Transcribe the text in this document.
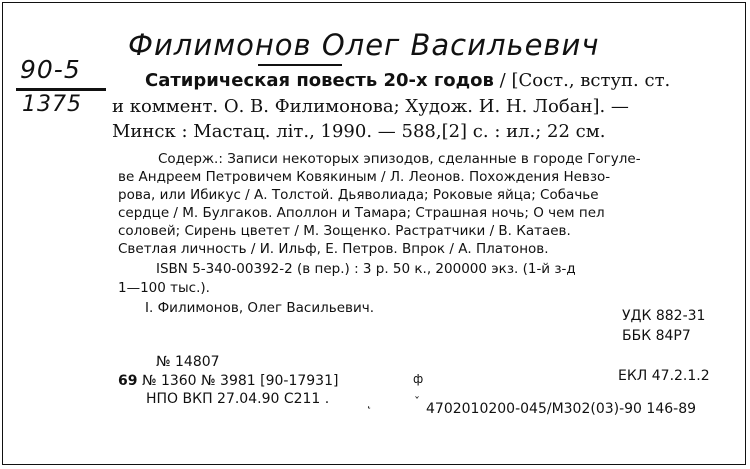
90-5
1375
Филимонов Олег Васильевич
Сатирическая повесть 20-х годов / [Сост., вступ. ст.
и коммент. О. В. Филимонова; Худож. И. Н. Лобан]. —
Минск : Мастац. літ., 1990. — 588,[2] с. : ил.; 22 см.
Содерж.: Записи некоторых эпизодов, сделанные в городе Гогуле-
ве Андреем Петровичем Ковякиным / Л. Леонов. Похождения Невзо-
рова, или Ибикус / А. Толстой. Дьяволиада; Роковые яйца; Собачье
сердце / М. Булгаков. Аполлон и Тамара; Страшная ночь; О чем пел
соловей; Сирень цветет / М. Зощенко. Растратчики / В. Катаев.
Светлая личность / И. Ильф, Е. Петров. Впрок / А. Платонов.
ISBN 5-340-00392-2 (в пер.) : 3 р. 50 к., 200000 экз. (1-й з-д
1—100 тыс.).
I. Филимонов, Олег Васильевич.	УДК 882-31
ББК 84Р7
ЕКЛ 47.2.1.2
№ 14807
69 № 1360 № 3981 [90-17931]
НПО ВКП 27.04.90 С211 .
4702010200-045/М302(03)-90 146-89
ф
ˇ
˛
